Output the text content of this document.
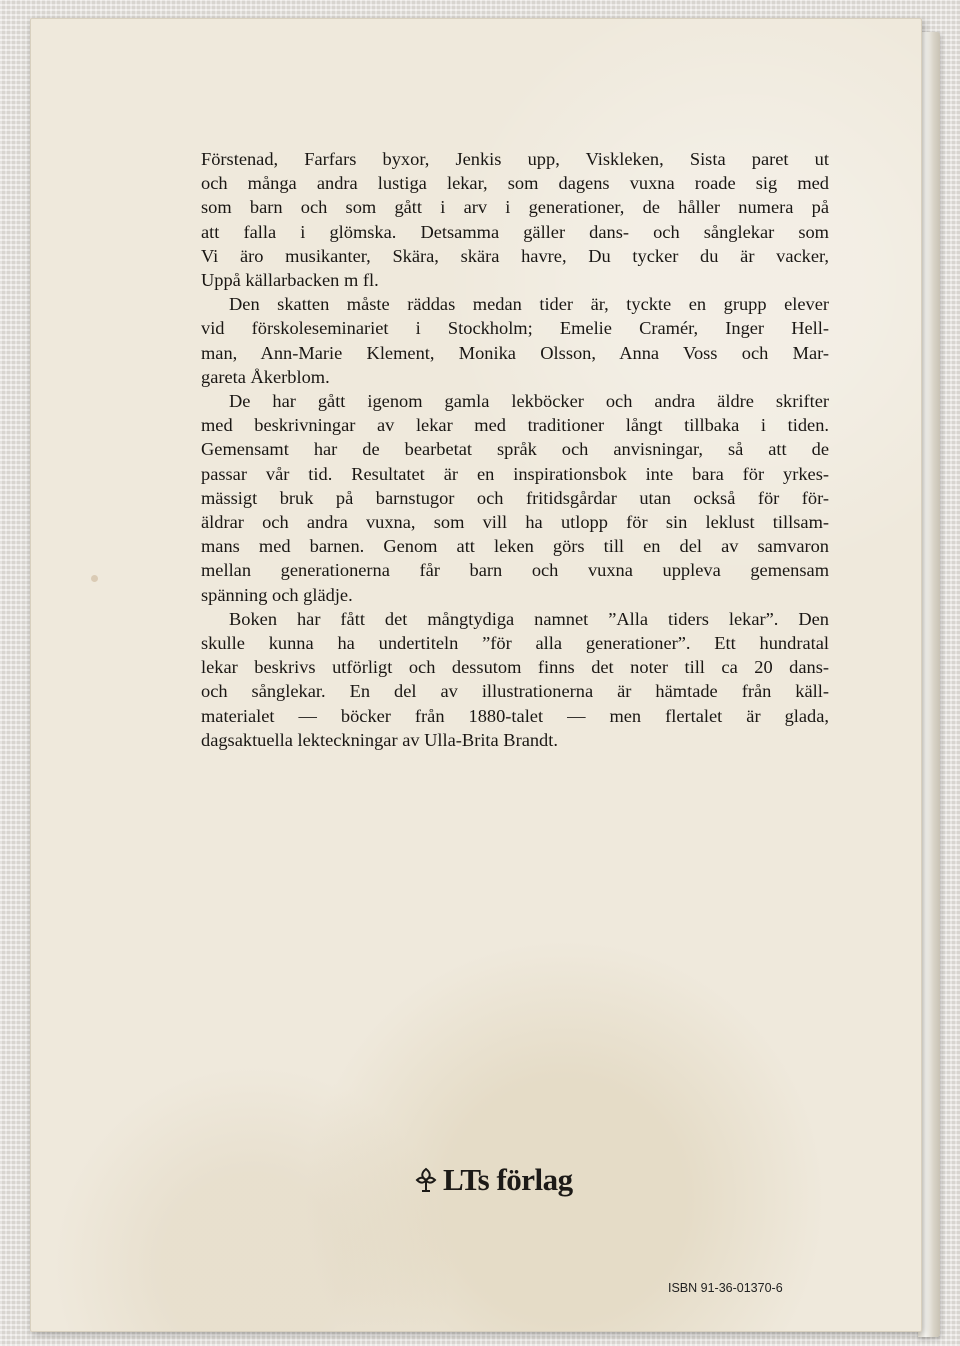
Förstenad, Farfars byxor, Jenkis upp, Viskleken, Sista paret ut
och många andra lustiga lekar, som dagens vuxna roade sig med
som barn och som gått i arv i generationer, de håller numera på
att falla i glömska. Detsamma gäller dans- och sånglekar som
Vi äro musikanter, Skära, skära havre, Du tycker du är vacker,
Uppå källarbacken m fl.
Den skatten måste räddas medan tider är, tyckte en grupp elever
vid förskoleseminariet i Stockholm; Emelie Cramér, Inger Hell-
man, Ann-Marie Klement, Monika Olsson, Anna Voss och Mar-
gareta Åkerblom.
De har gått igenom gamla lekböcker och andra äldre skrifter
med beskrivningar av lekar med traditioner långt tillbaka i tiden.
Gemensamt har de bearbetat språk och anvisningar, så att de
passar vår tid. Resultatet är en inspirationsbok inte bara för yrkes-
mässigt bruk på barnstugor och fritidsgårdar utan också för för-
äldrar och andra vuxna, som vill ha utlopp för sin leklust tillsam-
mans med barnen. Genom att leken görs till en del av samvaron
mellan generationerna får barn och vuxna uppleva gemensam
spänning och glädje.
Boken har fått det mångtydiga namnet ”Alla tiders lekar”. Den
skulle kunna ha undertiteln ”för alla generationer”. Ett hundratal
lekar beskrivs utförligt och dessutom finns det noter till ca 20 dans-
och sånglekar. En del av illustrationerna är hämtade från käll-
materialet — böcker från 1880-talet — men flertalet är glada,
dagsaktuella lekteckningar av Ulla-Brita Brandt.
LTs förlag
ISBN 91-36-01370-6
